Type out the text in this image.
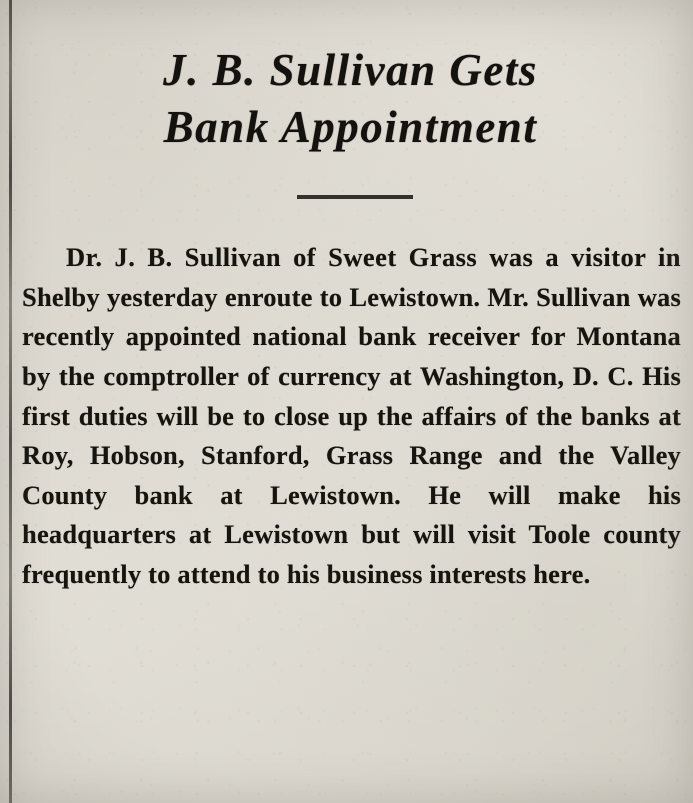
J. B. Sullivan Gets
Bank Appointment

Dr. J. B. Sullivan of Sweet Grass was a visitor in Shelby yesterday enroute to Lewistown. Mr. Sullivan was recently appointed national bank receiver for Montana by the comptroller of currency at Washington, D. C. His first duties will be to close up the affairs of the banks at Roy, Hobson, Stanford, Grass Range and the Valley County bank at Lewistown. He will make his headquarters at Lewistown but will visit Toole county frequently to attend to his business interests here.
